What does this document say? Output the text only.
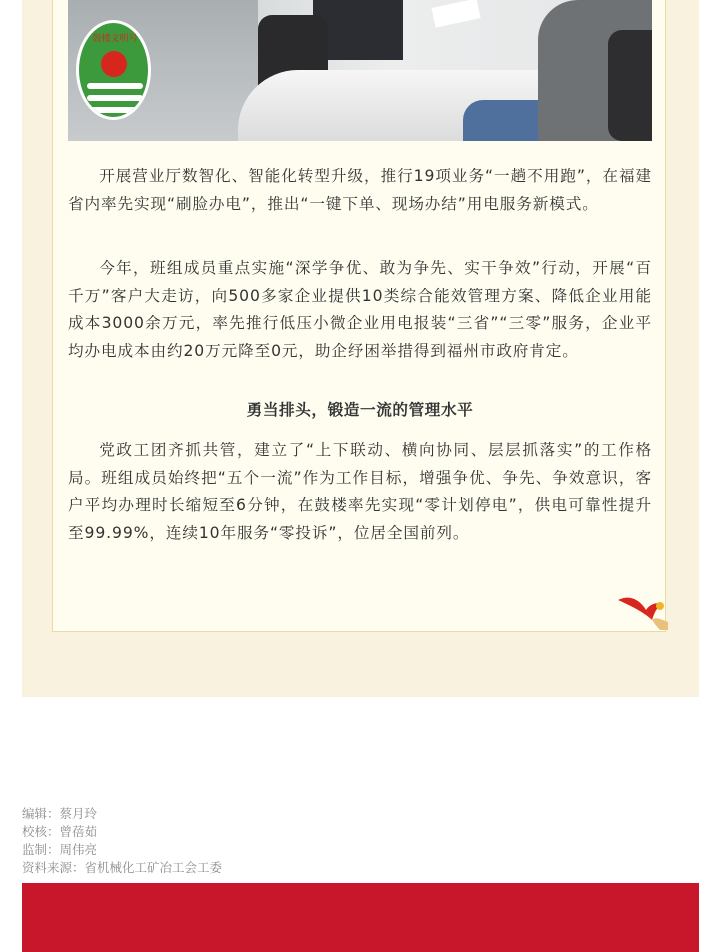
鼓楼文明号

开展营业厅数智化、智能化转型升级，推行19项业务“一趟不用跑”，在福建省内率先实现“刷脸办电”，推出“一键下单、现场办结”用电服务新模式。

今年，班组成员重点实施“深学争优、敢为争先、实干争效”行动，开展“百千万”客户大走访，向500多家企业提供10类综合能效管理方案、降低企业用能成本3000余万元，率先推行低压小微企业用电报装“三省”“三零”服务，企业平均办电成本由约20万元降至0元，助企纾困举措得到福州市政府肯定。

勇当排头，锻造一流的管理水平

党政工团齐抓共管，建立了“上下联动、横向协同、层层抓落实”的工作格局。班组成员始终把“五个一流”作为工作目标，增强争优、争先、争效意识，客户平均办理时长缩短至6分钟，在鼓楼率先实现“零计划停电”，供电可靠性提升至99.99%，连续10年服务“零投诉”，位居全国前列。

编辑：蔡月玲

校核：曾蓓茹

监制：周伟亮

资料来源：省机械化工矿冶工会工委
